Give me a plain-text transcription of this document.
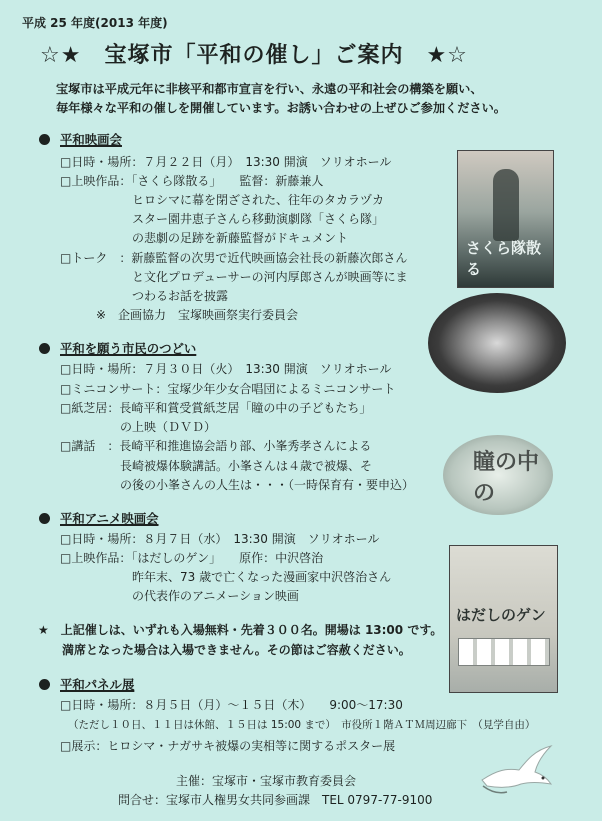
平成 25 年度(2013 年度)
☆★　宝塚市「平和の催し」ご案内　★☆
宝塚市は平成元年に非核平和都市宣言を行い、永遠の平和社会の構築を願い、
毎年様々な平和の催しを開催しています。お誘い合わせの上ぜひご参加ください。
平和映画会
□日時・場所：７月２２日（月）　13:30 開演　ソリオホール
□上映作品：「さくら隊散る」　　監督：新藤兼人
　　　　　　ヒロシマに幕を閉ざされた、往年のタカラヅカ
　　　　　　スター園井恵子さんら移動演劇隊「さくら隊」
　　　　　　の悲劇の足跡を新藤監督がドキュメント
□トーク　：新藤監督の次男で近代映画協会社長の新藤次郎さん
　　　　　　と文化プロデューサーの河内厚郎さんが映画等にま
　　　　　　つわるお話を披露
　　　※　企画協力　宝塚映画祭実行委員会
さくら隊散る
平和を願う市民のつどい
□日時・場所：７月３０日（火）　13:30 開演　ソリオホール
□ミニコンサート：宝塚少年少女合唱団によるミニコンサート
□紙芝居：長崎平和賞受賞紙芝居「瞳の中の子どもたち」
　　　　　の上映（ＤＶＤ）
□講話　：長崎平和推進協会語り部、小峯秀孝さんによる
　　　　　長崎被爆体験講話。小峯さんは４歳で被爆、そ
　　　　　の後の小峯さんの人生は・・・（一時保育有・要申込）
瞳の中の
平和アニメ映画会
□日時・場所：８月７日（水）　13:30 開演　ソリオホール
□上映作品：「はだしのゲン」　　原作：中沢啓治
　　　　　　昨年末、73 歳で亡くなった漫画家中沢啓治さん
　　　　　　の代表作のアニメーション映画
はだしのゲン
★　上記催しは、いずれも入場無料・先着３００名。開場は 13:00 です。
　　満席となった場合は入場できません。その節はご容赦ください。
平和パネル展
□日時・場所：８月５日（月）～１５日（木）　　9:00～17:30
（ただし１０日、１１日は休館、１５日は 15:00 まで）　市役所１階ＡＴＭ周辺廊下　（見学自由）
□展示：ヒロシマ・ナガサキ被爆の実相等に関するポスター展
主催：宝塚市・宝塚市教育委員会
問合せ：宝塚市人権男女共同参画課　TEL 0797-77-9100
